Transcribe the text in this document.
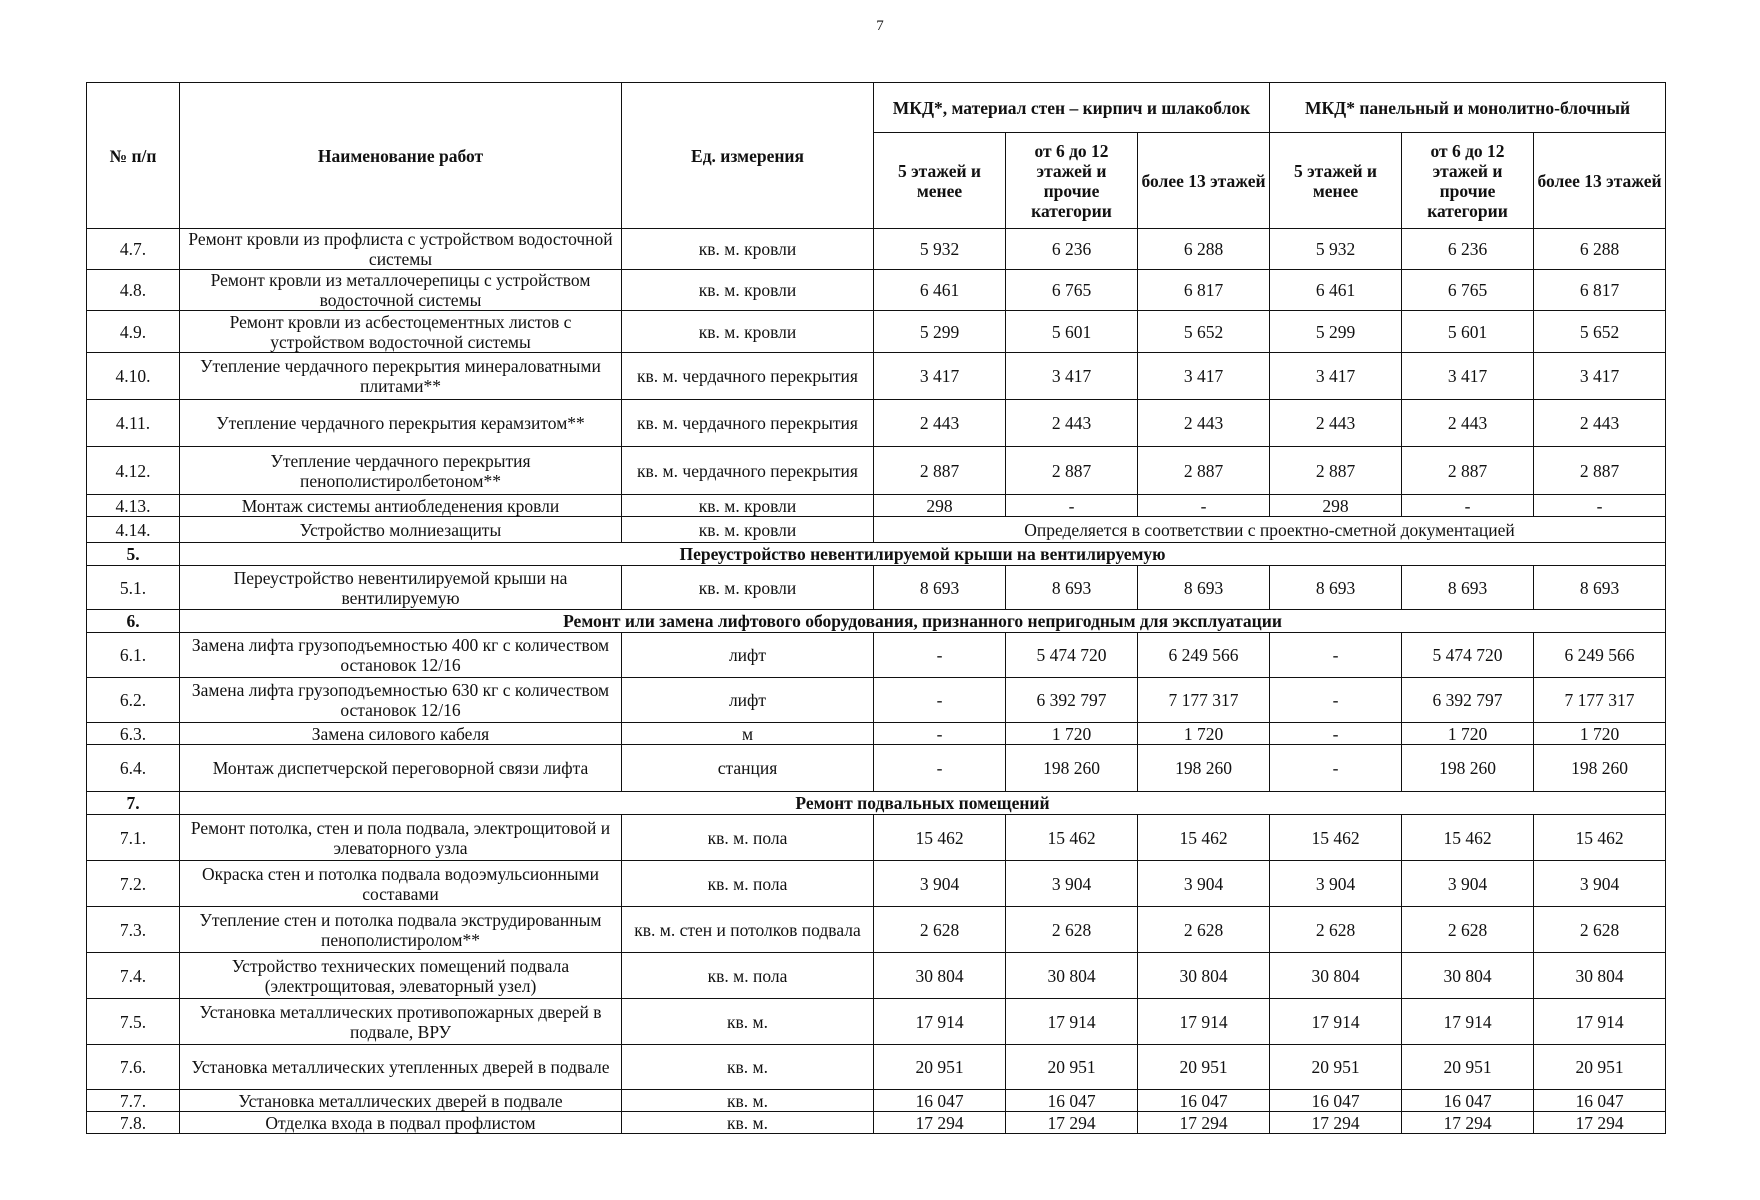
7
№ п/п	Наименование работ	Ед. измерения	МКД*, материал стен – кирпич и шлакоблок			МКД* панельный и монолитно-блочный		
			5 этажей и менее	от 6 до 12 этажей и прочие категории	более 13 этажей	5 этажей и менее	от 6 до 12 этажей и прочие категории	более 13 этажей
4.7.	Ремонт кровли из профлиста с устройством водосточной системы	кв. м. кровли	5 932	6 236	6 288	5 932	6 236	6 288
4.8.	Ремонт кровли из металлочерепицы с устройством водосточной системы	кв. м. кровли	6 461	6 765	6 817	6 461	6 765	6 817
4.9.	Ремонт кровли из асбестоцементных листов с устройством водосточной системы	кв. м. кровли	5 299	5 601	5 652	5 299	5 601	5 652
4.10.	Утепление чердачного перекрытия минераловатными плитами**	кв. м. чердачного перекрытия	3 417	3 417	3 417	3 417	3 417	3 417
4.11.	Утепление чердачного перекрытия керамзитом**	кв. м. чердачного перекрытия	2 443	2 443	2 443	2 443	2 443	2 443
4.12.	Утепление чердачного перекрытия пенополистиролбетоном**	кв. м. чердачного перекрытия	2 887	2 887	2 887	2 887	2 887	2 887
4.13.	Монтаж системы антиобледенения кровли	кв. м. кровли	298	-	-	298	-	-
4.14.	Устройство молниезащиты	кв. м. кровли	Определяется в соответствии с проектно-сметной документацией					
5.	Переустройство невентилируемой крыши на вентилируемую							
5.1.	Переустройство невентилируемой крыши на вентилируемую	кв. м. кровли	8 693	8 693	8 693	8 693	8 693	8 693
6.	Ремонт или замена лифтового оборудования, признанного непригодным для эксплуатации							
6.1.	Замена лифта грузоподъемностью 400 кг с количеством остановок 12/16	лифт	-	5 474 720	6 249 566	-	5 474 720	6 249 566
6.2.	Замена лифта грузоподъемностью 630 кг с количеством остановок 12/16	лифт	-	6 392 797	7 177 317	-	6 392 797	7 177 317
6.3.	Замена силового кабеля	м	-	1 720	1 720	-	1 720	1 720
6.4.	Монтаж диспетчерской переговорной связи лифта	станция	-	198 260	198 260	-	198 260	198 260
7.	Ремонт подвальных помещений							
7.1.	Ремонт потолка, стен и пола подвала, электрощитовой и элеваторного узла	кв. м. пола	15 462	15 462	15 462	15 462	15 462	15 462
7.2.	Окраска стен и потолка подвала водоэмульсионными составами	кв. м. пола	3 904	3 904	3 904	3 904	3 904	3 904
7.3.	Утепление стен и потолка подвала экструдированным пенополистиролом**	кв. м. стен и потолков подвала	2 628	2 628	2 628	2 628	2 628	2 628
7.4.	Устройство технических помещений подвала (электрощитовая, элеваторный узел)	кв. м. пола	30 804	30 804	30 804	30 804	30 804	30 804
7.5.	Установка металлических противопожарных дверей в подвале, ВРУ	кв. м.	17 914	17 914	17 914	17 914	17 914	17 914
7.6.	Установка металлических утепленных дверей в подвале	кв. м.	20 951	20 951	20 951	20 951	20 951	20 951
7.7.	Установка металлических дверей в подвале	кв. м.	16 047	16 047	16 047	16 047	16 047	16 047
7.8.	Отделка входа в подвал профлистом	кв. м.	17 294	17 294	17 294	17 294	17 294	17 294
